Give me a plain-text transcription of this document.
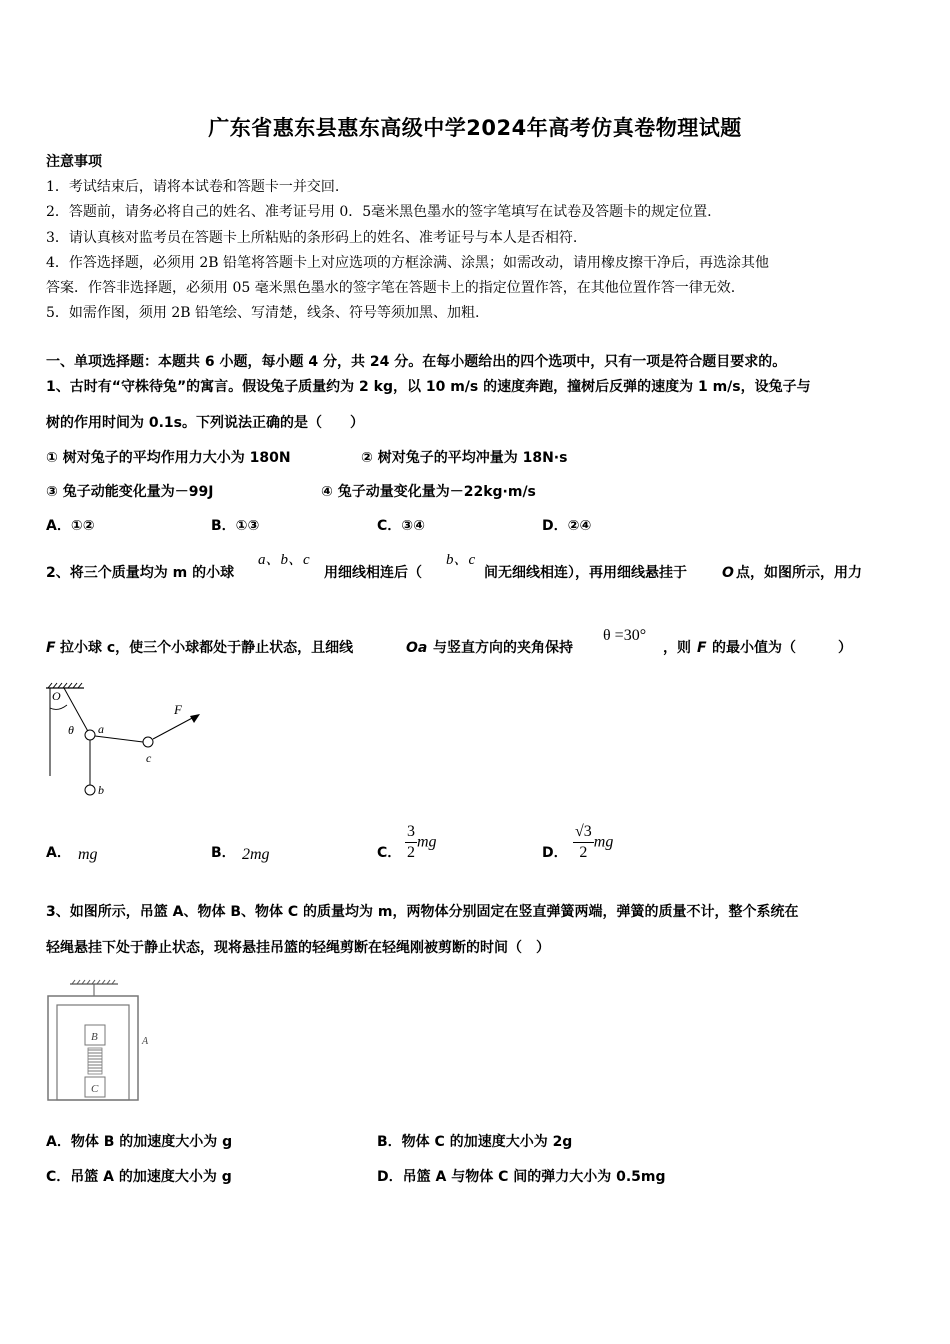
广东省惠东县惠东高级中学2024年高考仿真卷物理试题
注意事项
1．考试结束后，请将本试卷和答题卡一并交回.
2．答题前，请务必将自己的姓名、准考证号用 0．5毫米黑色墨水的签字笔填写在试卷及答题卡的规定位置.
3．请认真核对监考员在答题卡上所粘贴的条形码上的姓名、准考证号与本人是否相符.
4．作答选择题，必须用 2B 铅笔将答题卡上对应选项的方框涂满、涂黑；如需改动，请用橡皮擦干净后，再选涂其他
答案．作答非选择题，必须用 05 毫米黑色墨水的签字笔在答题卡上的指定位置作答，在其他位置作答一律无效.
5．如需作图，须用 2B 铅笔绘、写清楚，线条、符号等须加黑、加粗.
一、单项选择题：本题共 6 小题，每小题 4 分，共 24 分。在每小题给出的四个选项中，只有一项是符合题目要求的。
1、古时有“守株待兔”的寓言。假设兔子质量约为 2 kg，以 10 m/s 的速度奔跑，撞树后反弹的速度为 1 m/s，设兔子与
树的作用时间为 0.1s。下列说法正确的是（　　）
① 树对兔子的平均作用力大小为 180N	② 树对兔子的平均冲量为 18N·s
③ 兔子动能变化量为－99J	④ 兔子动量变化量为－22kg·m/s
A．①②	B．①③	C．③④	D．②④
2、将三个质量均为 m 的小球
a、b、c
用细线相连后（
b、c
间无细线相连），再用细线悬挂于	O 点，如图所示，用力
F 拉小球 c，使三个小球都处于静止状态，且细线	Oa 与竖直方向的夹角保持
θ =30°
，则 F 的最小值为（　　　）
O
θ a
b
c
F
A． mg	B． 2mg	C． $\frac{3}{2}$ mg
D． $\frac{√3}{2}$ mg
3、如图所示，吊篮 A、物体 B、物体 C 的质量均为 m，两物体分别固定在竖直弹簧两端，弹簧的质量不计，整个系统在
轻绳悬挂下处于静止状态，现将悬挂吊篮的轻绳剪断在轻绳刚被剪断的时间（　）
B
C
A
A．物体 B 的加速度大小为 g	B．物体 C 的加速度大小为 2g
C．吊篮 A 的加速度大小为 g	D．吊篮 A 与物体 C 间的弹力大小为 0.5mg
